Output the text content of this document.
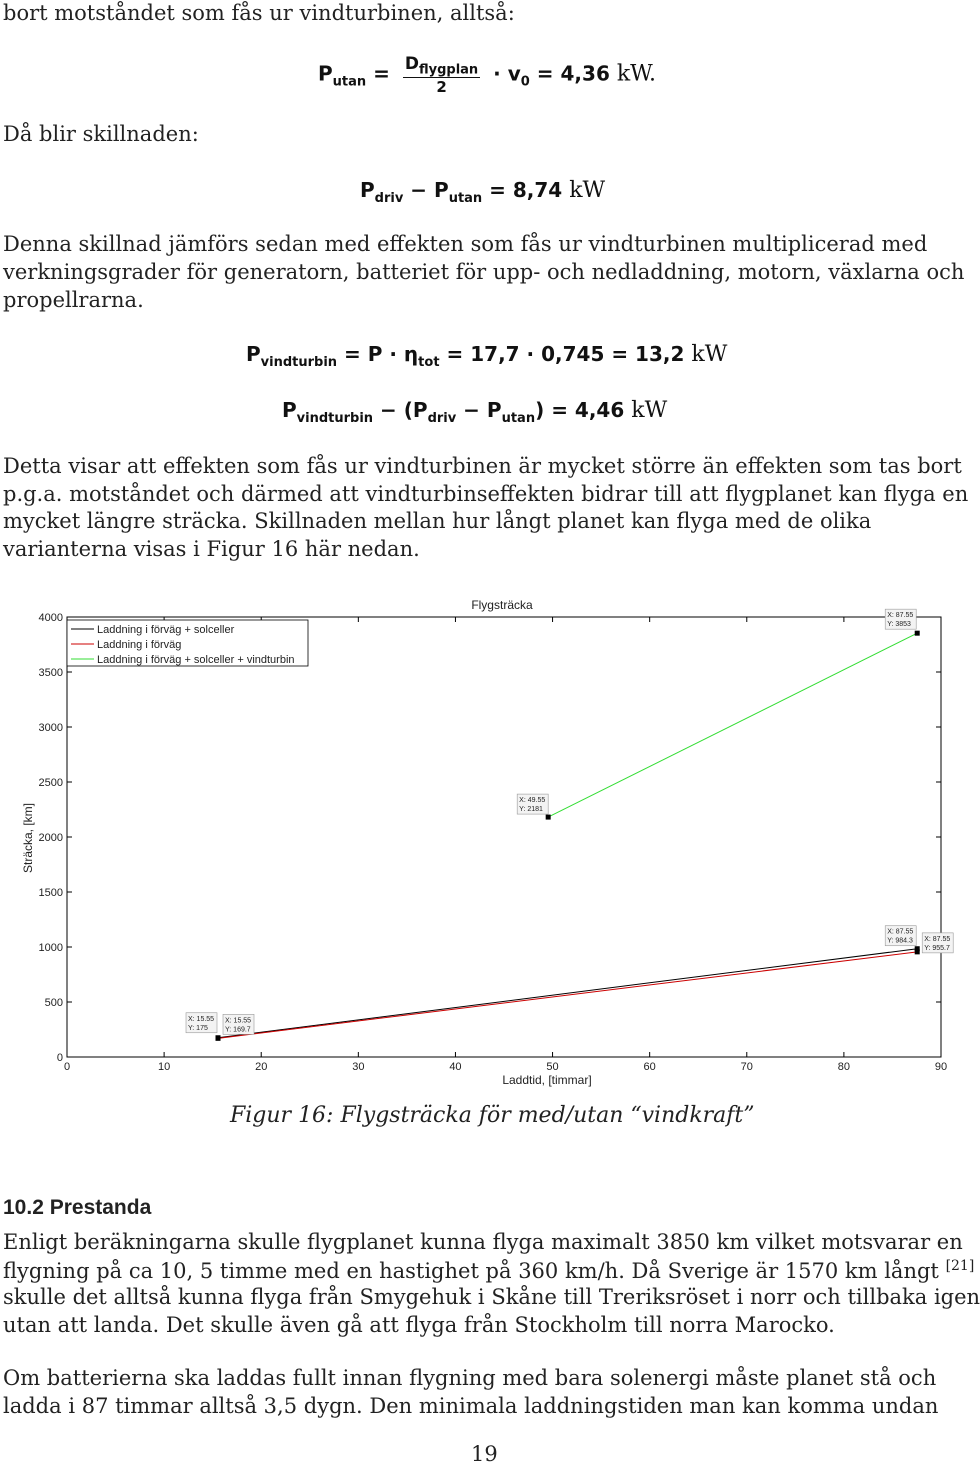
bort motståndet som fås ur vindturbinen, alltså:
$P_{utan} = \frac{D_{flygplan}}{2} \cdot v_0 = 4,36$ kW.
Då blir skillnaden:
$P_{driv} - P_{utan} = 8,74$ kW
Denna skillnad jämförs sedan med effekten som fås ur vindturbinen multiplicerad med
verkningsgrader för generatorn, batteriet för upp- och nedladdning, motorn, växlarna och
propellrarna.
$P_{vindturbin} = P \cdot \eta_{tot} = 17,7 \cdot 0,745 = 13,2$ kW
$P_{vindturbin} - (P_{driv} - P_{utan}) = 4,46$ kW
Detta visar att effekten som fås ur vindturbinen är mycket större än effekten som tas bort
p.g.a. motståndet och därmed att vindturbinseffekten bidrar till att flygplanet kan flyga en
mycket längre sträcka. Skillnaden mellan hur långt planet kan flyga med de olika
varianterna visas i Figur 16 här nedan.
Flygsträcka
Laddtid, [timmar]
Sträcka, [km]
0
500
1000
1500
2000
2500
3000
3500
4000
0	10	20	30	40	50	60	70	80	90
X: 87.55
Y: 3853
X: 49.55
Y: 2181
X: 87.55
Y: 984.3 X: 87.55
Y: 955.7
X: 15.55
Y: 175
X: 15.55
Y: 169.7
Laddning i förväg + solceller
Laddning i förväg
Laddning i förväg + solceller + vindturbin
Figur 16: Flygsträcka för med/utan “vindkraft”
10.2 Prestanda
Enligt beräkningarna skulle flygplanet kunna flyga maximalt 3850 km vilket motsvarar en
flygning på ca 10, 5 timme med en hastighet på 360 km/h. Då Sverige är 1570 km långt [21]
skulle det alltså kunna flyga från Smygehuk i Skåne till Treriksröset i norr och tillbaka igen
utan att landa. Det skulle även gå att flyga från Stockholm till norra Marocko.
Om batterierna ska laddas fullt innan flygning med bara solenergi måste planet stå och
ladda i 87 timmar alltså 3,5 dygn. Den minimala laddningstiden man kan komma undan
19
